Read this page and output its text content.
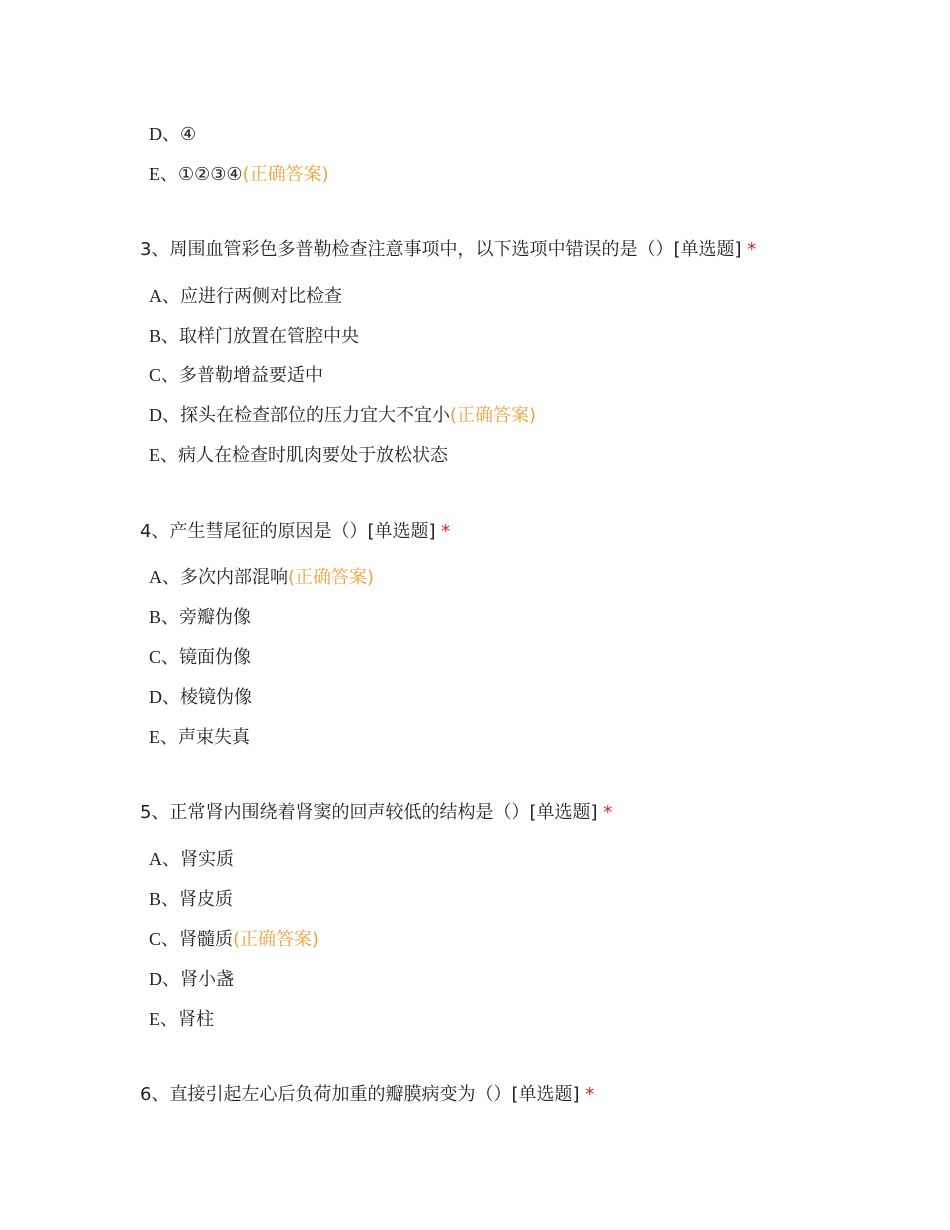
D、④
E、①②③④(正确答案)
3、周围血管彩色多普勒检查注意事项中，以下选项中错误的是（）[单选题] *
A、应进行两侧对比检查
B、取样门放置在管腔中央
C、多普勒增益要适中
D、探头在检查部位的压力宜大不宜小(正确答案)
E、病人在检查时肌肉要处于放松状态
4、产生彗尾征的原因是（）[单选题] *
A、多次内部混响(正确答案)
B、旁瓣伪像
C、镜面伪像
D、棱镜伪像
E、声束失真
5、正常肾内围绕着肾窦的回声较低的结构是（）[单选题] *
A、肾实质
B、肾皮质
C、肾髓质(正确答案)
D、肾小盏
E、肾柱
6、直接引起左心后负荷加重的瓣膜病变为（）[单选题] *
